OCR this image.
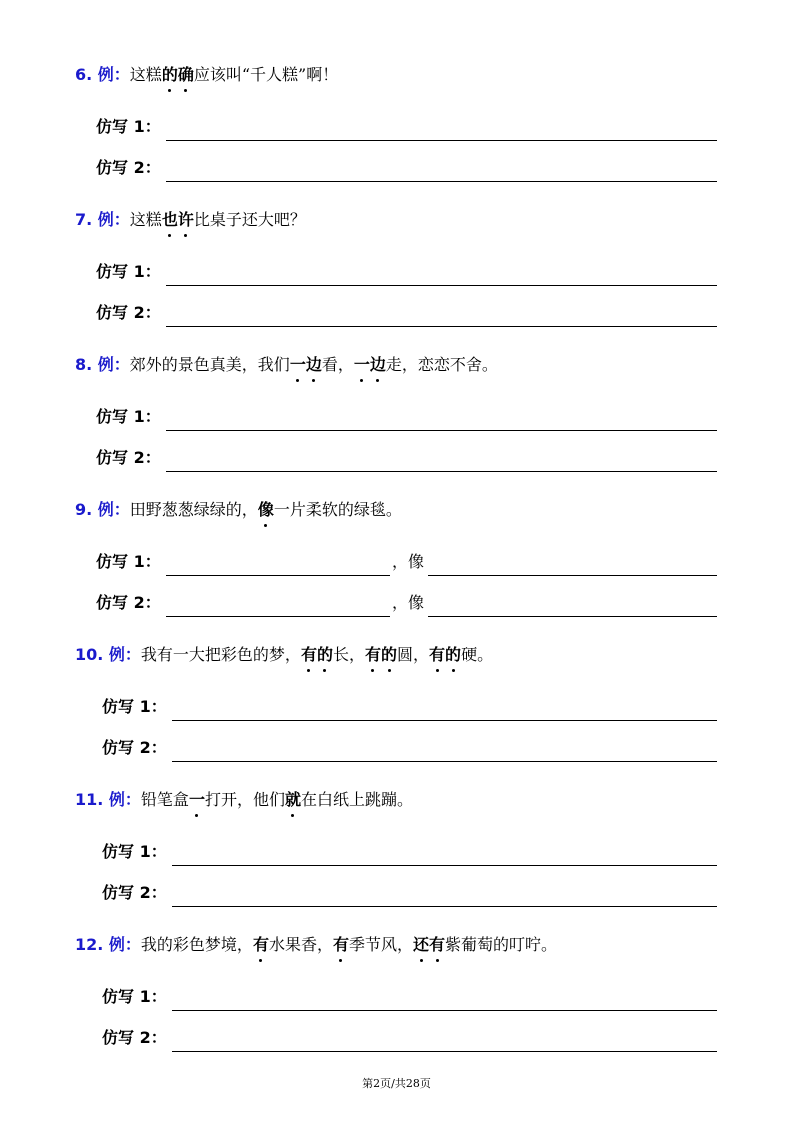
6. 例：这糕的确应该叫“千人糕”啊！
仿写 1：
仿写 2：
7. 例：这糕也许比桌子还大吧？
仿写 1：
仿写 2：
8. 例：郊外的景色真美，我们一边看，一边走，恋恋不舍。
仿写 1：
仿写 2：
9. 例：田野葱葱绿绿的，像一片柔软的绿毯。
仿写 1：	，像
仿写 2：	，像
10. 例：我有一大把彩色的梦，有的长，有的圆，有的硬。
仿写 1：
仿写 2：
11. 例：铅笔盒一打开，他们就在白纸上跳蹦。
仿写 1：
仿写 2：
12. 例：我的彩色梦境，有水果香，有季节风，还有紫葡萄的叮咛。
仿写 1：
仿写 2：
第2页/共28页
